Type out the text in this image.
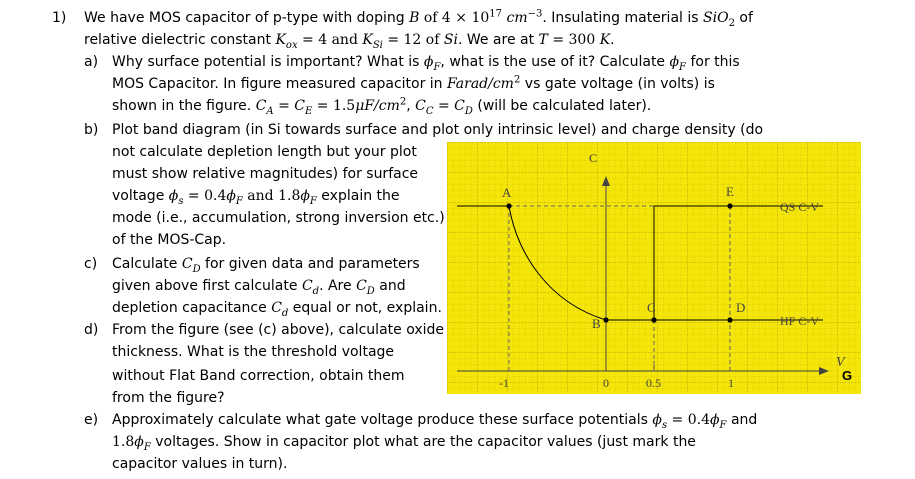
1) We have MOS capacitor of p-type with doping B of $4 \times 10^{17}$ $cm^{-3}$. Insulating material is SiO$_2$ of
relative dielectric constant $K_{ox} = 4$ and $K_{Si} = 12$ of Si. We are at T = 300 K.
a) Why surface potential is important? What is $\phi_F$, what is the use of it? Calculate $\phi_F$ for this
MOS Capacitor. In figure measured capacitor in Farad/$cm^2$ vs gate voltage (in volts) is
shown in the figure. $C_A = C_E = 1.5\mu F/cm^2$, $C_C = C_D$ (will be calculated later).
b) Plot band diagram (in Si towards surface and plot only intrinsic level) and charge density (do
not calculate depletion length but your plot
must show relative magnitudes) for surface
voltage $\phi_s = 0.4\phi_F$ and $1.8\phi_F$ explain the
mode (i.e., accumulation, strong inversion etc.)
of the MOS-Cap.
c) Calculate $C_D$ for given data and parameters
given above first calculate $C_d$. Are $C_D$ and
depletion capacitance $C_d$ equal or not, explain.
d) From the figure (see (c) above), calculate oxide
thickness. What is the threshold voltage
without Flat Band correction, obtain them
from the figure?
e) Approximately calculate what gate voltage produce these surface potentials $\phi_s = 0.4\phi_F$ and
$1.8\phi_F$ voltages. Show in capacitor plot what are the capacitor values (just mark the
capacitor values in turn).
C
V
G
-1	0	0.5	1
A
B
C	D
E
QS C-V
HF C-V
